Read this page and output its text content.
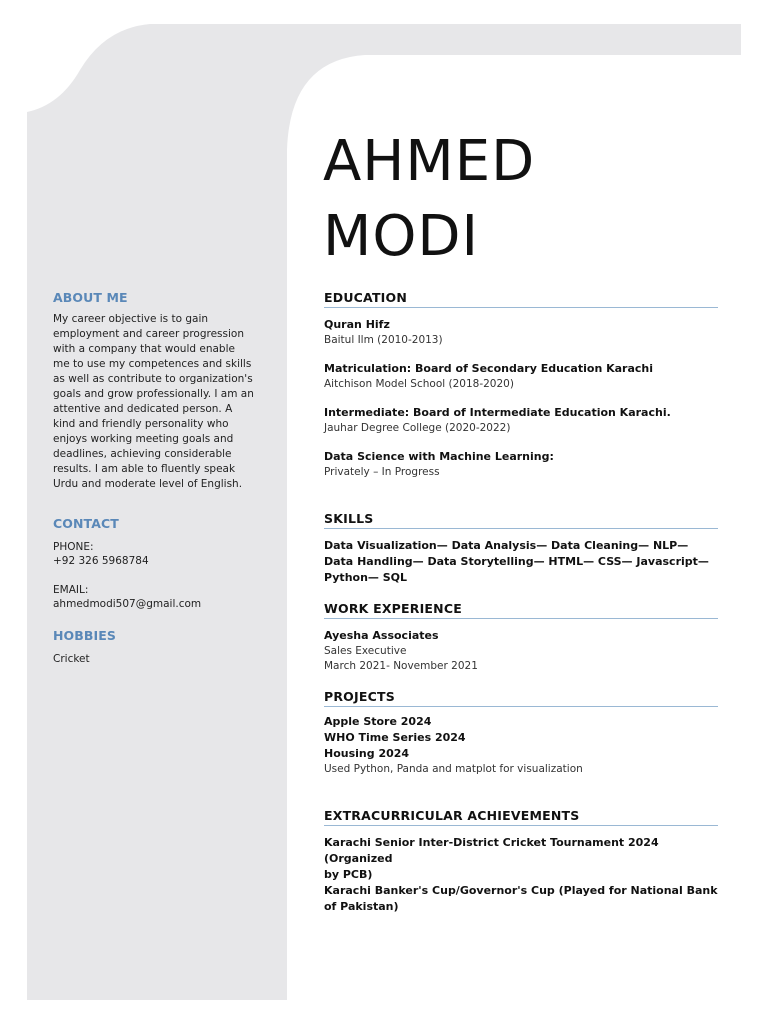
ABOUT ME
My career objective is to gain
employment and career progression
with a company that would enable
me to use my competences and skills
as well as contribute to organization's
goals and grow professionally. I am an
attentive and dedicated person. A
kind and friendly personality who
enjoys working meeting goals and
deadlines, achieving considerable
results. I am able to fluently speak
Urdu and moderate level of English.
CONTACT
PHONE:
+92 326 5968784
EMAIL:
ahmedmodi507@gmail.com
HOBBIES
Cricket
AHMED
MODI
EDUCATION
Quran Hifz
Baitul Ilm (2010-2013)
Matriculation: Board of Secondary Education Karachi
Aitchison Model School (2018-2020)
Intermediate: Board of Intermediate Education Karachi.
Jauhar Degree College (2020-2022)
Data Science with Machine Learning:
Privately – In Progress
SKILLS
Data Visualization— Data Analysis— Data Cleaning— NLP—
Data Handling— Data Storytelling— HTML— CSS— Javascript—
Python— SQL
WORK EXPERIENCE
Ayesha Associates
Sales Executive
March 2021- November 2021
PROJECTS
Apple Store 2024
WHO Time Series 2024
Housing 2024
Used Python, Panda and matplot for visualization
EXTRACURRICULAR ACHIEVEMENTS
Karachi Senior Inter-District Cricket Tournament 2024 (Organized
by PCB)
Karachi Banker's Cup/Governor's Cup (Played for National Bank
of Pakistan)
